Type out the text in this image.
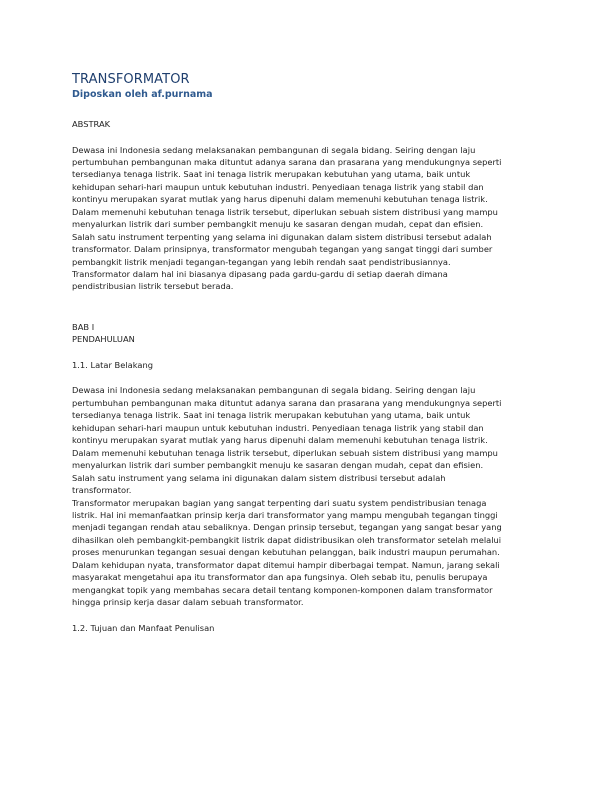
TRANSFORMATOR
Diposkan oleh af.purnama
ABSTRAK
Dewasa ini Indonesia sedang melaksanakan pembangunan di segala bidang. Seiring dengan laju
pertumbuhan pembangunan maka dituntut adanya sarana dan prasarana yang mendukungnya seperti
tersedianya tenaga listrik. Saat ini tenaga listrik merupakan kebutuhan yang utama, baik untuk
kehidupan sehari-hari maupun untuk kebutuhan industri. Penyediaan tenaga listrik yang stabil dan
kontinyu merupakan syarat mutlak yang harus dipenuhi dalam memenuhi kebutuhan tenaga listrik.
Dalam memenuhi kebutuhan tenaga listrik tersebut, diperlukan sebuah sistem distribusi yang mampu
menyalurkan listrik dari sumber pembangkit menuju ke sasaran dengan mudah, cepat dan efisien.
Salah satu instrument terpenting yang selama ini digunakan dalam sistem distribusi tersebut adalah
transformator. Dalam prinsipnya, transformator mengubah tegangan yang sangat tinggi dari sumber
pembangkit listrik menjadi tegangan-tegangan yang lebih rendah saat pendistribusiannya.
Transformator dalam hal ini biasanya dipasang pada gardu-gardu di setiap daerah dimana
pendistribusian listrik tersebut berada.
BAB I
PENDAHULUAN
1.1. Latar Belakang
Dewasa ini Indonesia sedang melaksanakan pembangunan di segala bidang. Seiring dengan laju
pertumbuhan pembangunan maka dituntut adanya sarana dan prasarana yang mendukungnya seperti
tersedianya tenaga listrik. Saat ini tenaga listrik merupakan kebutuhan yang utama, baik untuk
kehidupan sehari-hari maupun untuk kebutuhan industri. Penyediaan tenaga listrik yang stabil dan
kontinyu merupakan syarat mutlak yang harus dipenuhi dalam memenuhi kebutuhan tenaga listrik.
Dalam memenuhi kebutuhan tenaga listrik tersebut, diperlukan sebuah sistem distribusi yang mampu
menyalurkan listrik dari sumber pembangkit menuju ke sasaran dengan mudah, cepat dan efisien.
Salah satu instrument yang selama ini digunakan dalam sistem distribusi tersebut adalah
transformator.
Transformator merupakan bagian yang sangat terpenting dari suatu system pendistribusian tenaga
listrik. Hal ini memanfaatkan prinsip kerja dari transformator yang mampu mengubah tegangan tinggi
menjadi tegangan rendah atau sebaliknya. Dengan prinsip tersebut, tegangan yang sangat besar yang
dihasilkan oleh pembangkit-pembangkit listrik dapat didistribusikan oleh transformator setelah melalui
proses menurunkan tegangan sesuai dengan kebutuhan pelanggan, baik industri maupun perumahan.
Dalam kehidupan nyata, transformator dapat ditemui hampir diberbagai tempat. Namun, jarang sekali
masyarakat mengetahui apa itu transformator dan apa fungsinya. Oleh sebab itu, penulis berupaya
mengangkat topik yang membahas secara detail tentang komponen-komponen dalam transformator
hingga prinsip kerja dasar dalam sebuah transformator.
1.2. Tujuan dan Manfaat Penulisan
